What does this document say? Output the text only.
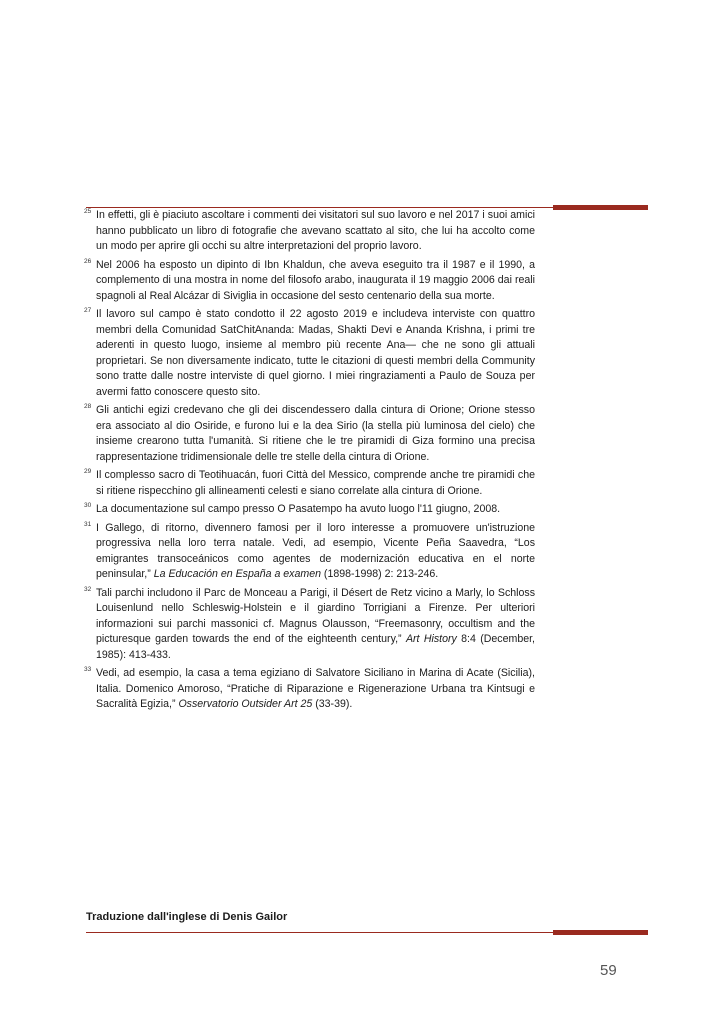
25 In effetti, gli è piaciuto ascoltare i commenti dei visitatori sul suo lavoro e nel 2017 i suoi amici hanno pubblicato un libro di fotografie che avevano scattato al sito, che lui ha accolto come un modo per aprire gli occhi su altre interpretazioni del proprio lavoro.
26 Nel 2006 ha esposto un dipinto di Ibn Khaldun, che aveva eseguito tra il 1987 e il 1990, a complemento di una mostra in nome del filosofo arabo, inaugurata il 19 maggio 2006 dai reali spagnoli al Real Alcázar di Siviglia in occasione del sesto centenario della sua morte.
27 Il lavoro sul campo è stato condotto il 22 agosto 2019 e includeva interviste con quattro membri della Comunidad SatChitAnanda: Madas, Shakti Devi e Ananda Krishna, i primi tre aderenti in questo luogo, insieme al membro più recente Ana— che ne sono gli attuali proprietari. Se non diversamente indicato, tutte le citazioni di questi membri della Community sono tratte dalle nostre interviste di quel giorno. I miei ringraziamenti a Paulo de Souza per avermi fatto conoscere questo sito.
28 Gli antichi egizi credevano che gli dei discendessero dalla cintura di Orione; Orione stesso era associato al dio Osiride, e furono lui e la dea Sirio (la stella più luminosa del cielo) che insieme crearono tutta l'umanità. Si ritiene che le tre piramidi di Giza formino una precisa rappresentazione tridimensionale delle tre stelle della cintura di Orione.
29 Il complesso sacro di Teotihuacán, fuori Città del Messico, comprende anche tre piramidi che si ritiene rispecchino gli allineamenti celesti e siano correlate alla cintura di Orione.
30 La documentazione sul campo presso O Pasatempo ha avuto luogo l'11 giugno, 2008.
31 I Gallego, di ritorno, divennero famosi per il loro interesse a promuovere un'istruzione progressiva nella loro terra natale. Vedi, ad esempio, Vicente Peña Saavedra, “Los emigrantes transoceánicos como agentes de modernización educativa en el norte peninsular,” La Educación en España a examen (1898-1998) 2: 213-246.
32 Tali parchi includono il Parc de Monceau a Parigi, il Désert de Retz vicino a Marly, lo Schloss Louisenlund nello Schleswig-Holstein e il giardino Torrigiani a Firenze. Per ulteriori informazioni sui parchi massonici cf. Magnus Olausson, “Freemasonry, occultism and the picturesque garden towards the end of the eighteenth century,” Art History 8:4 (December, 1985): 413-433.
33 Vedi, ad esempio, la casa a tema egiziano di Salvatore Siciliano in Marina di Acate (Sicilia), Italia. Domenico Amoroso, “Pratiche di Riparazione e Rigenerazione Urbana tra Kintsugi e Sacralità Egizia,” Osservatorio Outsider Art 25 (33-39).
Traduzione dall'inglese di Denis Gailor
59
